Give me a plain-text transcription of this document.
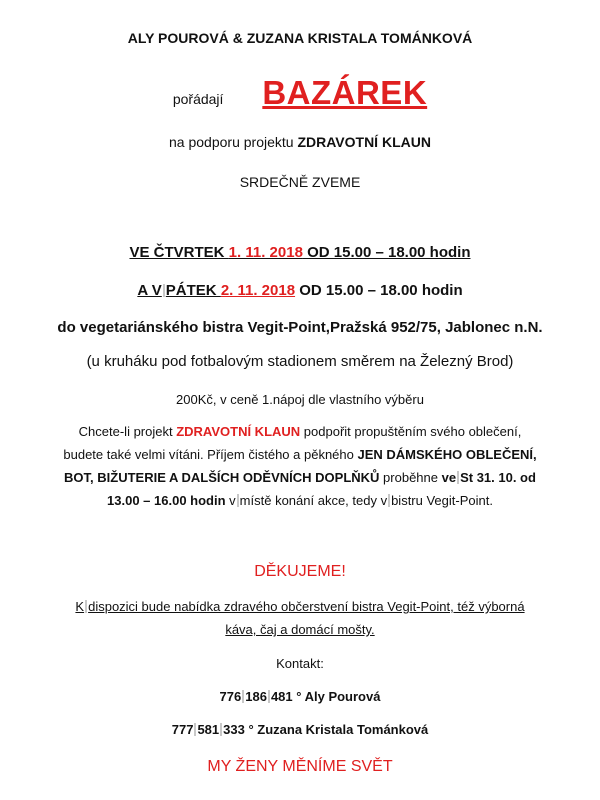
ALY POUROVÁ & ZUZANA KRISTALA TOMÁNKOVÁ
pořádají BAZÁREK
na podporu projektu ZDRAVOTNÍ KLAUN
SRDEČNĚ ZVEME
VE ČTVRTEK 1. 11. 2018 OD 15.00 – 18.00 hodin
A V PÁTEK 2. 11. 2018 OD 15.00 – 18.00 hodin
do vegetariánského bistra Vegit-Point,Pražská 952/75, Jablonec n.N.
(u kruháku pod fotbalovým stadionem směrem na Železný Brod)
200Kč, v ceně 1.nápoj dle vlastního výběru
Chcete-li projekt ZDRAVOTNÍ KLAUN podpořit propuštěním svého oblečení,
budete také velmi vítáni. Příjem čistého a pěkného JEN DÁMSKÉHO OBLEČENÍ,
BOT, BIŽUTERIE A DALŠÍCH ODĚVNÍCH DOPLŇKŮ proběhne ve St 31. 10. od
13.00 – 16.00 hodin v místě konání akce, tedy v bistru Vegit-Point.
DĚKUJEME!
K dispozici bude nabídka zdravého občerstvení bistra Vegit-Point, též výborná
káva, čaj a domácí mošty.
Kontakt:
776 186 481 ° Aly Pourová
777 581 333 ° Zuzana Kristala Tománková
MY ŽENY MĚNÍME SVĚT
